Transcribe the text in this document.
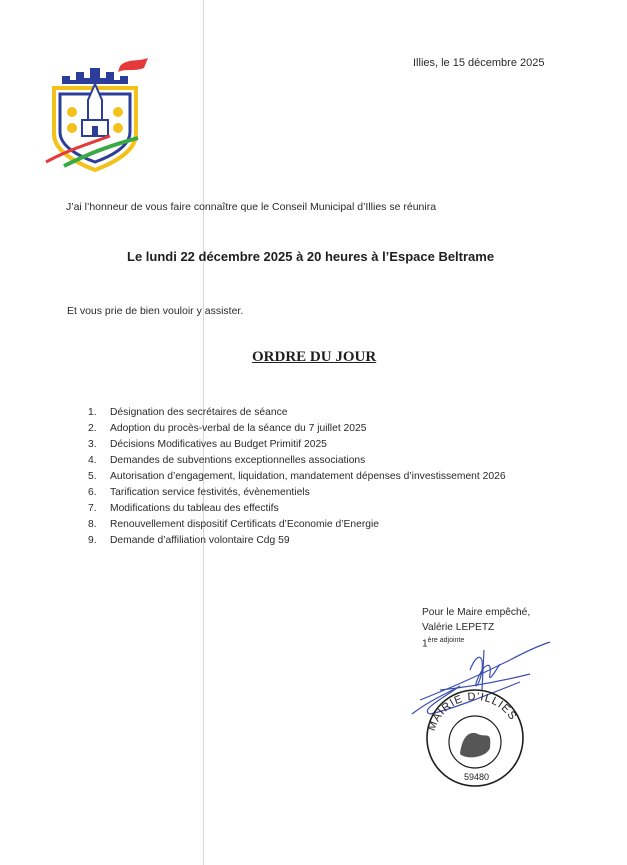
Illies, le 15 décembre 2025
J’ai l’honneur de vous faire connaître que le Conseil Municipal d’Illies se réunira
Le lundi 22 décembre 2025 à 20 heures à l’Espace Beltrame
Et vous prie de bien vouloir y assister.
ORDRE DU JOUR
1. Désignation des secrétaires de séance
2. Adoption du procès-verbal de la séance du 7 juillet 2025
3. Décisions Modificatives au Budget Primitif 2025
4. Demandes de subventions exceptionnelles associations
5. Autorisation d’engagement, liquidation, mandatement dépenses d’investissement 2026
6. Tarification service festivités, évènementiels
7. Modifications du tableau des effectifs
8. Renouvellement dispositif Certificats d’Economie d’Energie
9. Demande d’affiliation volontaire Cdg 59
Pour le Maire empêché,
Valérie LEPETZ
$1^{ère adjointe}$
MAIRIE D’ILLIES
59480
